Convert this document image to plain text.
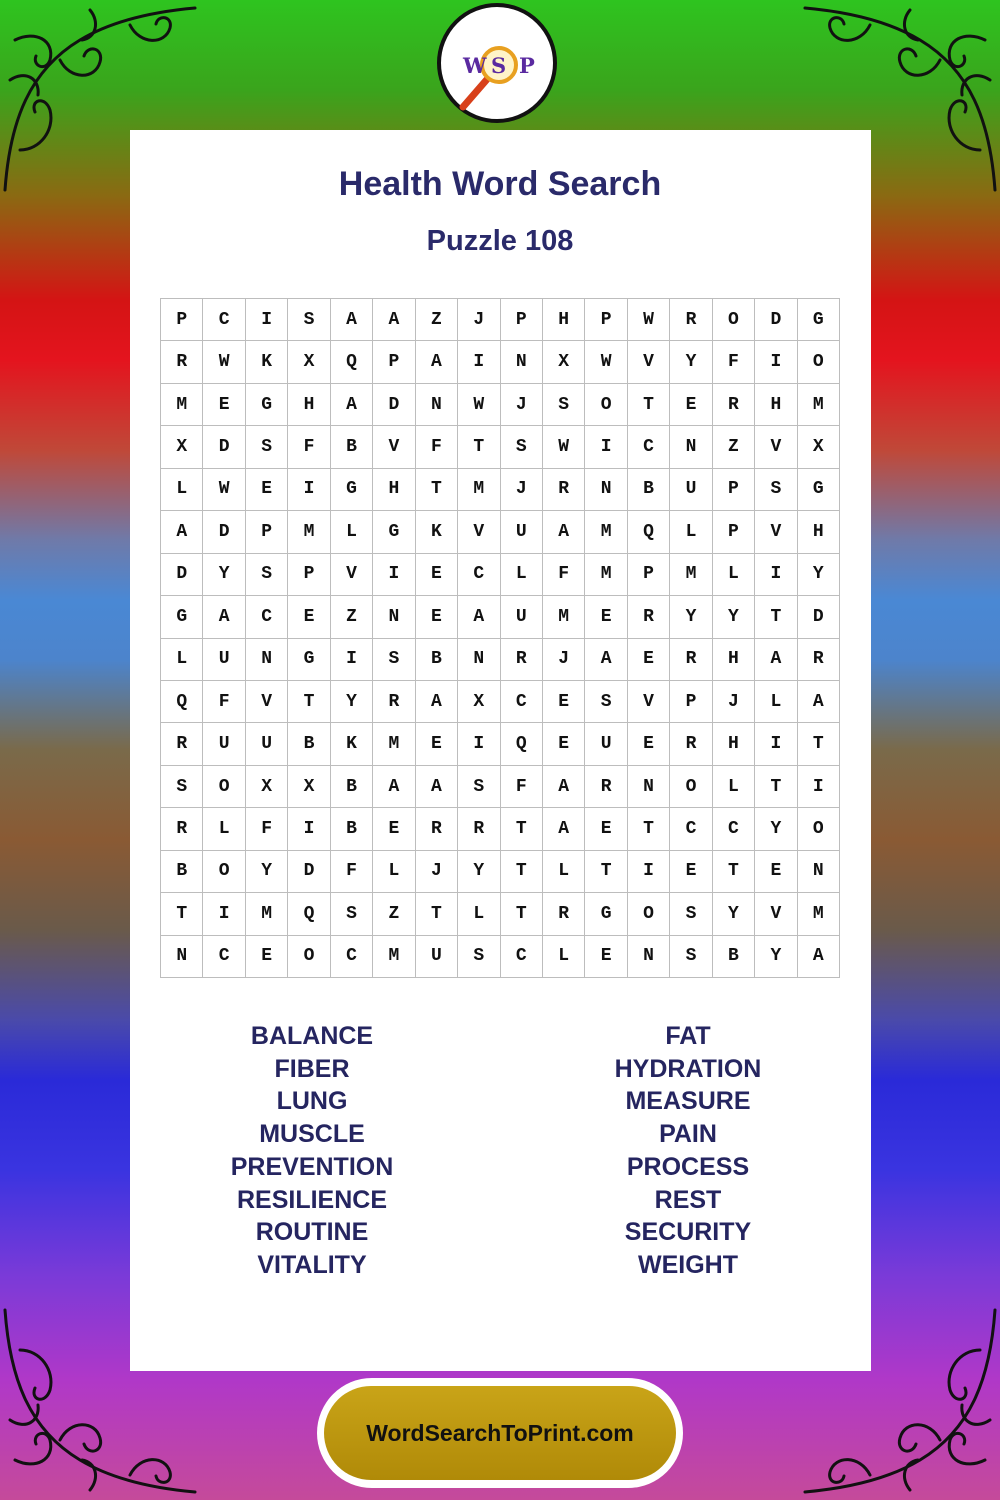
W S P
Health Word Search
Puzzle 108
P	C	I	S	A	A	Z	J	P	H	P	W	R	O	D	G
R	W	K	X	Q	P	A	I	N	X	W	V	Y	F	I	O
M	E	G	H	A	D	N	W	J	S	O	T	E	R	H	M
X	D	S	F	B	V	F	T	S	W	I	C	N	Z	V	X
L	W	E	I	G	H	T	M	J	R	N	B	U	P	S	G
A	D	P	M	L	G	K	V	U	A	M	Q	L	P	V	H
D	Y	S	P	V	I	E	C	L	F	M	P	M	L	I	Y
G	A	C	E	Z	N	E	A	U	M	E	R	Y	Y	T	D
L	U	N	G	I	S	B	N	R	J	A	E	R	H	A	R
Q	F	V	T	Y	R	A	X	C	E	S	V	P	J	L	A
R	U	U	B	K	M	E	I	Q	E	U	E	R	H	I	T
S	O	X	X	B	A	A	S	F	A	R	N	O	L	T	I
R	L	F	I	B	E	R	R	T	A	E	T	C	C	Y	O
B	O	Y	D	F	L	J	Y	T	L	T	I	E	T	E	N
T	I	M	Q	S	Z	T	L	T	R	G	O	S	Y	V	M
N	C	E	O	C	M	U	S	C	L	E	N	S	B	Y	A
BALANCE
FIBER
LUNG
MUSCLE
PREVENTION
RESILIENCE
ROUTINE
VITALITY
FAT
HYDRATION
MEASURE
PAIN
PROCESS
REST
SECURITY
WEIGHT
WordSearchToPrint.com
